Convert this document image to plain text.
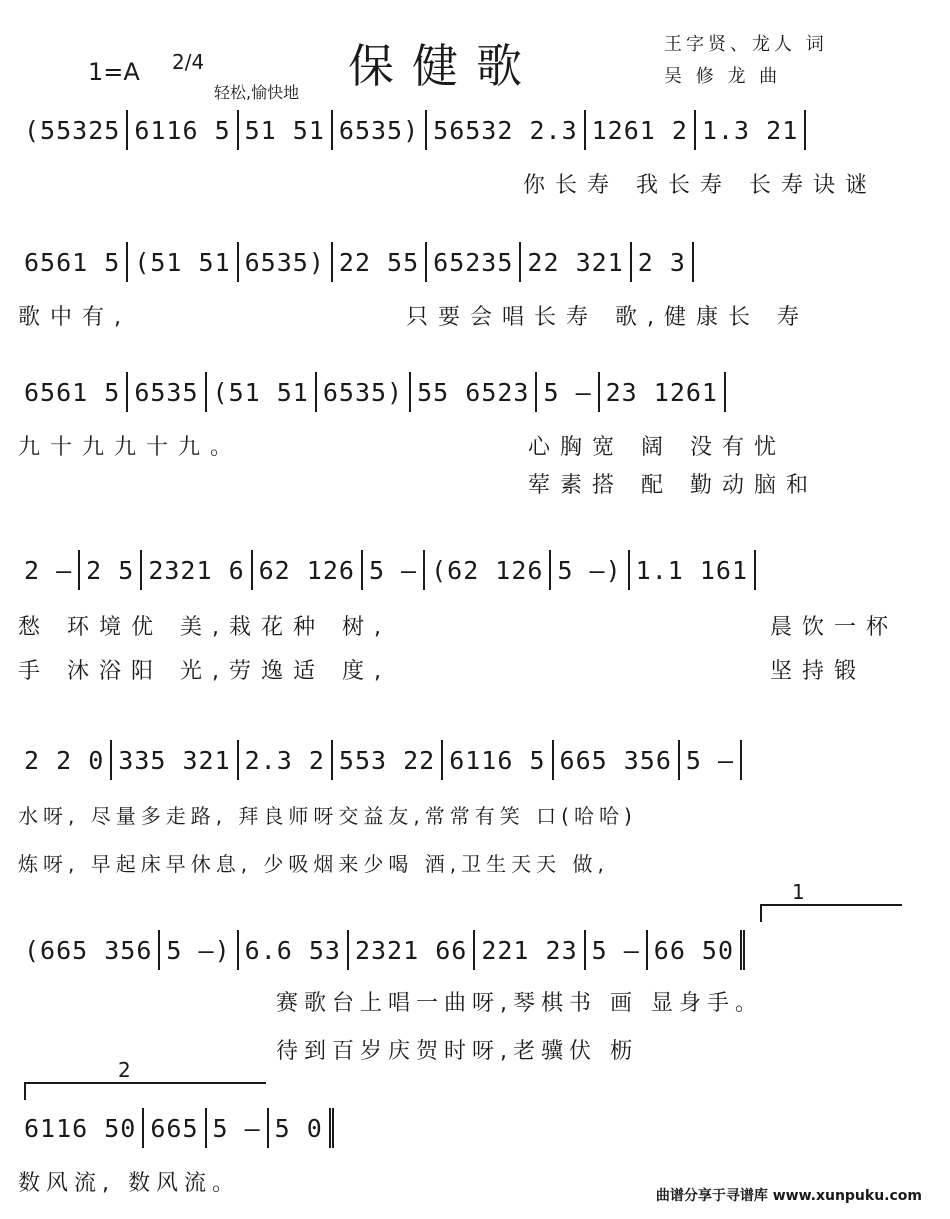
保健歌
1=A 2/4
轻松,愉快地
王字贤、龙人 词
吴 修 龙 曲
(55325 6116 5 51 51 6535) 56532 2.3 1261 2 1.3 21
你长寿 我长寿 长寿诀谜
6561 5 (51 51 6535) 22 55 65235 22 321 2 3
歌中有,	只要会唱长寿 歌,健康长 寿
6561 5 6535 (51 51 6535) 55 6523 5 — 23 1261
九十九九十九。	心胸宽 阔 没有忧
荤素搭 配 勤动脑和
2 — 2 5 2321 6 62 126 5 — (62 126 5 —) 1.1 161
愁 环境优 美,栽花种 树,
手 沐浴阳 光,劳逸适 度,
晨饮一杯
坚持锻
2 2 0 335 321 2.3 2 553 22 6116 5 665 356 5 —
水呀, 尽量多走路, 拜良师呀交益友,常常有笑 口(哈哈)
炼呀, 早起床早休息, 少吸烟来少喝 酒,卫生天天 做,
1
(665 356 5 —) 6.6 53 2321 66 221 23 5 — 66 50
赛歌台上唱一曲呀,琴棋书 画 显身手。
待到百岁庆贺时呀,老骥伏 枥
2
6116 50 665 5 — 5 0
数风流, 数风流。	曲谱分享于寻谱库 www.xunpuku.com
